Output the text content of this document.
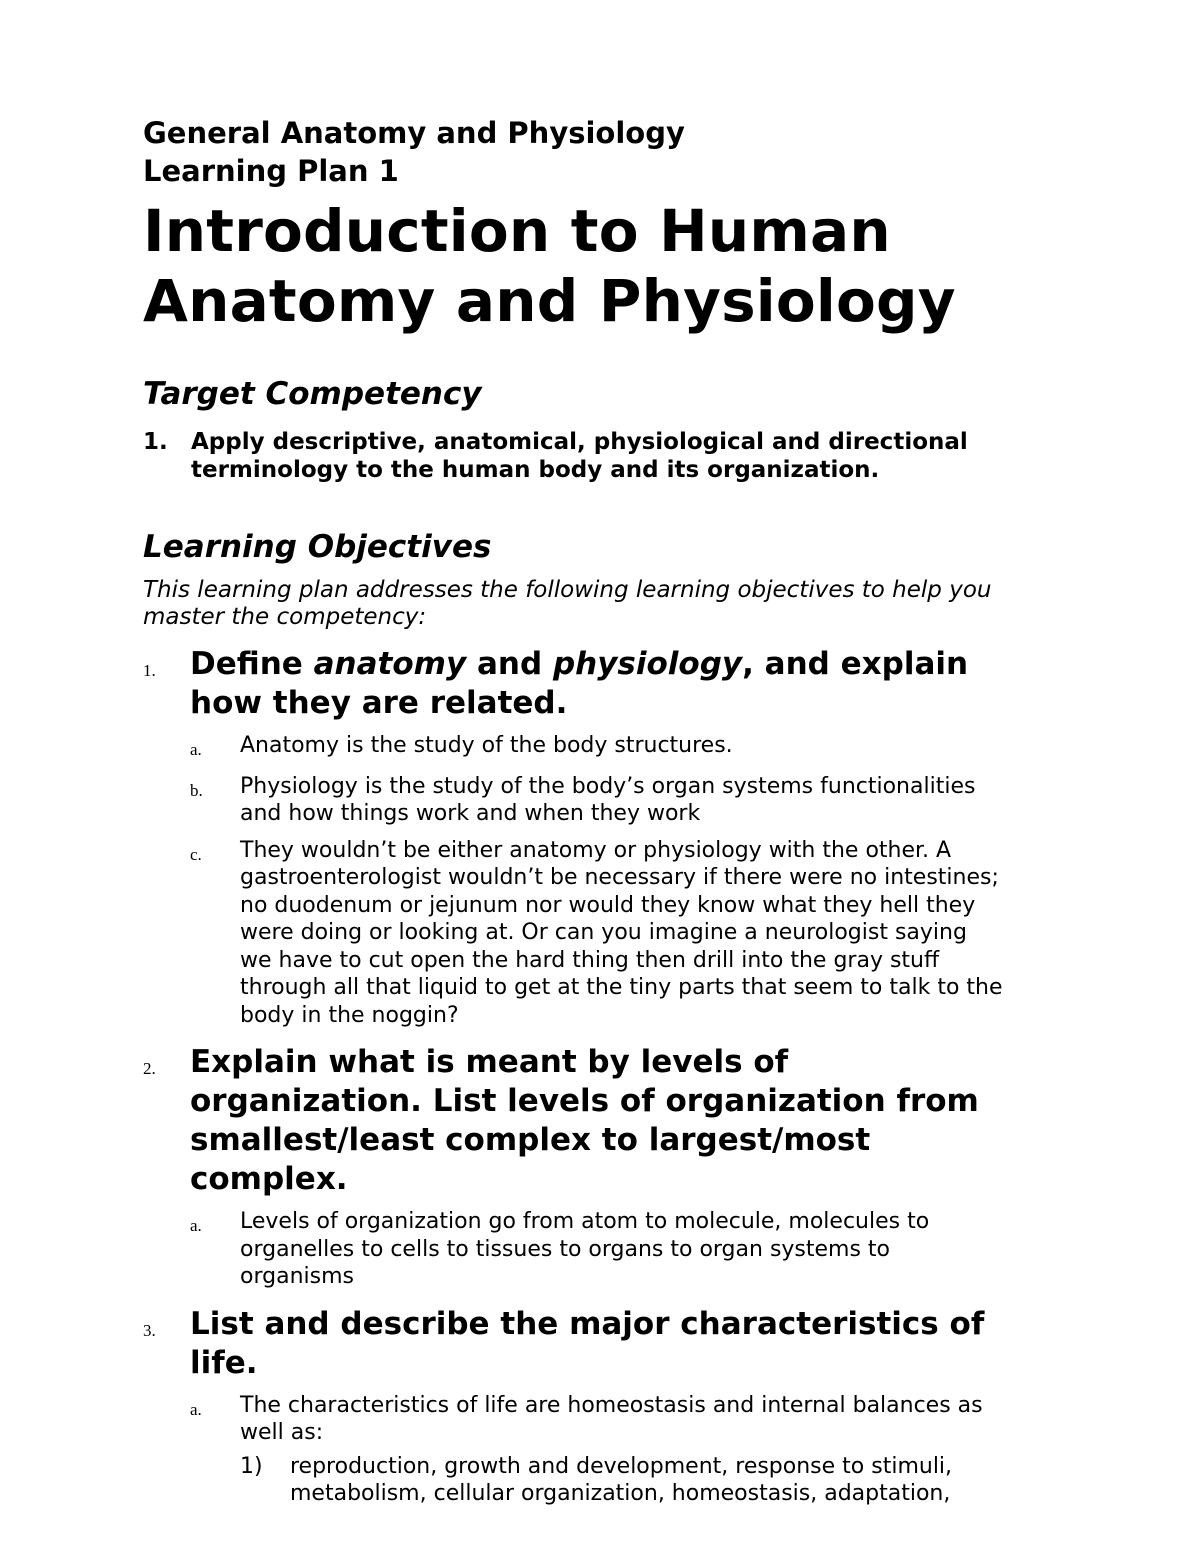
General Anatomy and Physiology

Learning Plan 1

Introduction to Human
Anatomy and Physiology
Target Competency
1.	Apply descriptive, anatomical, physiological and directional
terminology to the human body and its organization.
Learning Objectives

This learning plan addresses the following learning objectives to help you
master the competency:

1.	Define anatomy and physiology, and explain
how they are related.
a.	Anatomy is the study of the body structures.
b.	Physiology is the study of the body’s organ systems functionalities
and how things work and when they work
c.	They wouldn’t be either anatomy or physiology with the other. A
gastroenterologist wouldn’t be necessary if there were no intestines;
no duodenum or jejunum nor would they know what they hell they
were doing or looking at. Or can you imagine a neurologist saying
we have to cut open the hard thing then drill into the gray stuff
through all that liquid to get at the tiny parts that seem to talk to the
body in the noggin?
2.	Explain what is meant by levels of
organization. List levels of organization from
smallest/least complex to largest/most
complex.
a.	Levels of organization go from atom to molecule, molecules to
organelles to cells to tissues to organs to organ systems to
organisms
3.	List and describe the major characteristics of
life.
a.	The characteristics of life are homeostasis and internal balances as
well as:
1)	reproduction, growth and development, response to stimuli,
metabolism, cellular organization, homeostasis, adaptation,
